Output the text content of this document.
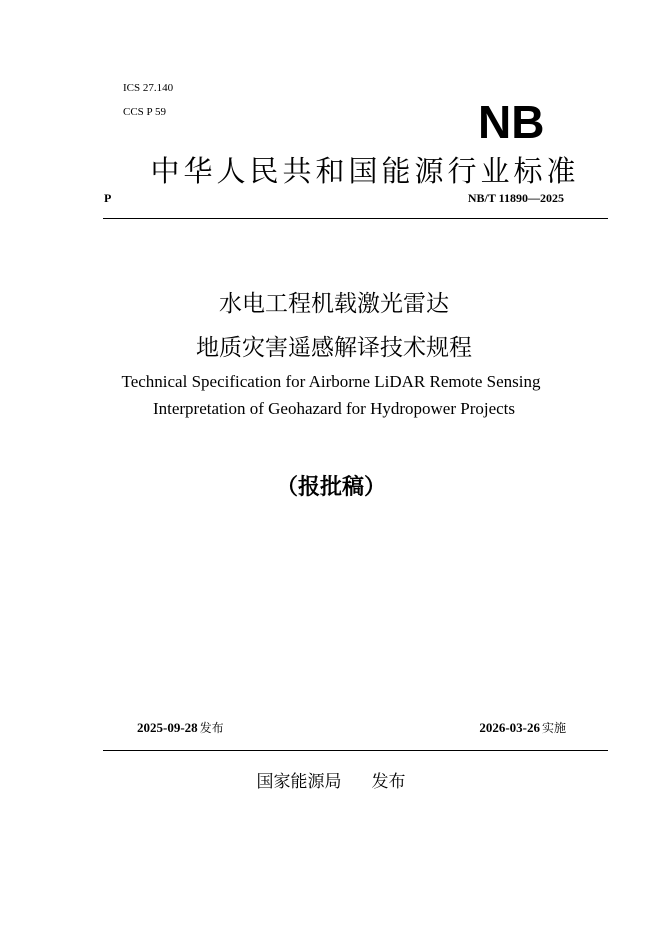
ICS 27.140
CCS P 59	NB
中华人民共和国能源行业标准
P	NB/T 11890—2025
水电工程机载激光雷达
地质灾害遥感解译技术规程
Technical Specification for Airborne LiDAR Remote Sensing
Interpretation of Geohazard for Hydropower Projects
（报批稿）
2025-09-28 发布	2026-03-26 实施
国家能源局 发布
